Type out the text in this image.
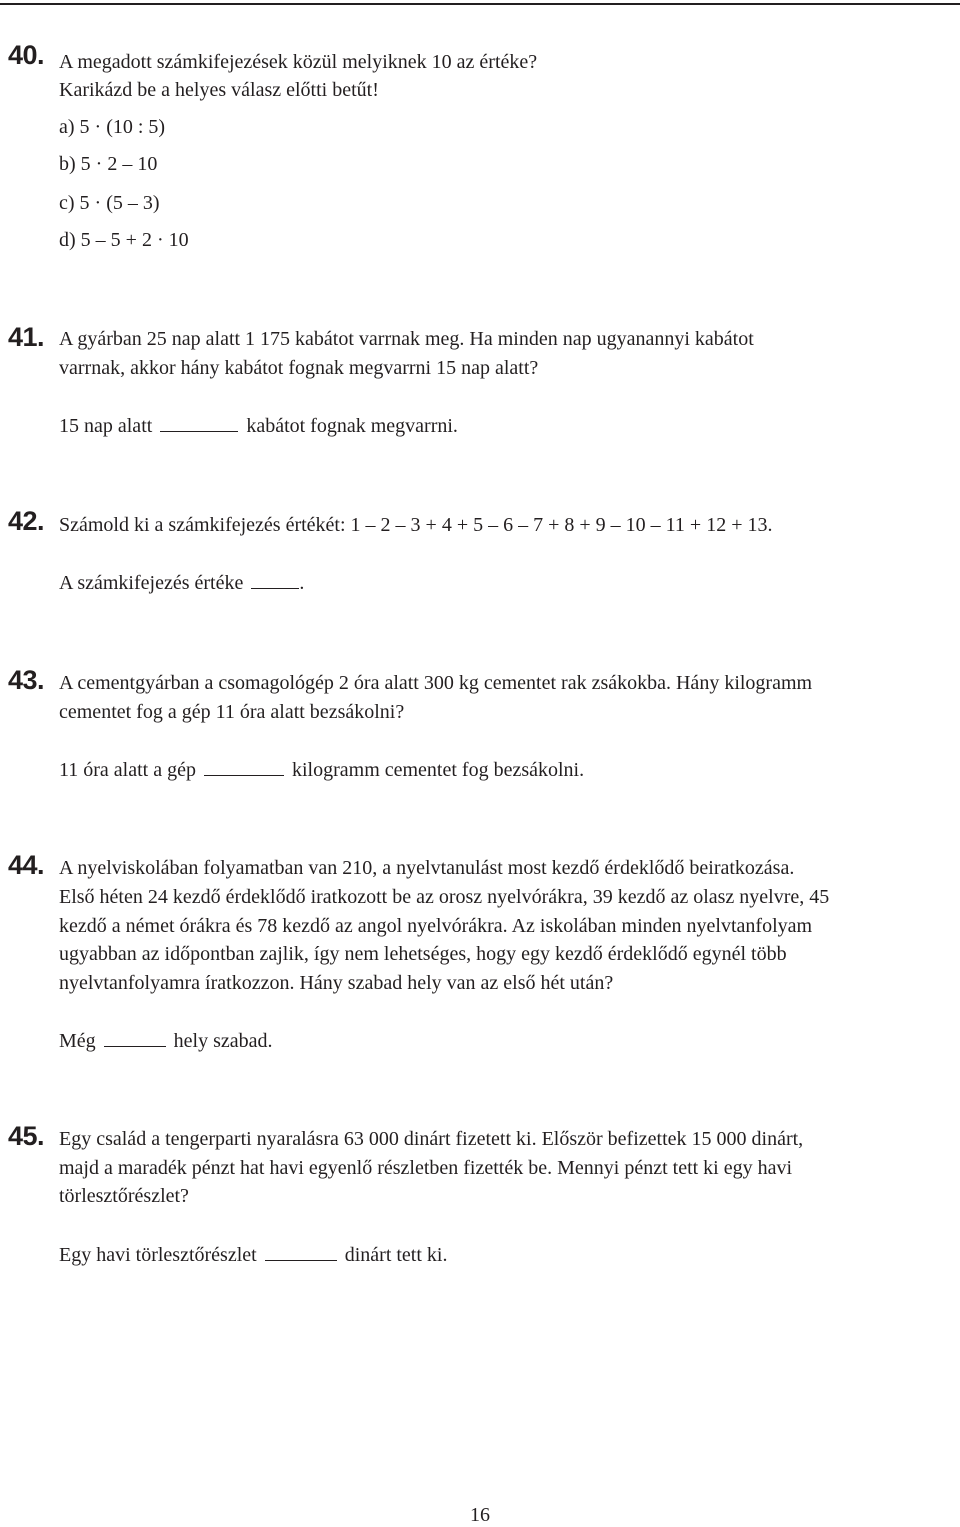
40. A megadott számkifejezések közül melyiknek 10 az értéke?
Karikázd be a helyes válasz előtti betűt!
a) 5 · (10 : 5)
b) 5 · 2 – 10
c) 5 · (5 – 3)
d) 5 – 5 + 2 · 10
41. A gyárban 25 nap alatt 1 175 kabátot varrnak meg. Ha minden nap ugyanannyi kabátot
varrnak, akkor hány kabátot fognak megvarrni 15 nap alatt?
15 nap alatt	kabátot fognak megvarrni.
42. Számold ki a számkifejezés értékét: 1 – 2 – 3 + 4 + 5 – 6 – 7 + 8 + 9 – 10 – 11 + 12 + 13.
A számkifejezés értéke	.
43. A cementgyárban a csomagológép 2 óra alatt 300 kg cementet rak zsákokba. Hány kilogramm
cementet fog a gép 11 óra alatt bezsákolni?
11 óra alatt a gép	kilogramm cementet fog bezsákolni.
44. A nyelviskolában folyamatban van 210, a nyelvtanulást most kezdő érdeklődő beiratkozása.
Első héten 24 kezdő érdeklődő iratkozott be az orosz nyelvórákra, 39 kezdő az olasz nyelvre, 45
kezdő a német órákra és 78 kezdő az angol nyelvórákra. Az iskolában minden nyelvtanfolyam
ugyabban az időpontban zajlik, így nem lehetséges, hogy egy kezdő érdeklődő egynél több
nyelvtanfolyamra íratkozzon. Hány szabad hely van az első hét után?
Még	hely szabad.
45. Egy család a tengerparti nyaralásra 63 000 dinárt fizetett ki. Először befizettek 15 000 dinárt,
majd a maradék pénzt hat havi egyenlő részletben fizették be. Mennyi pénzt tett ki egy havi
törlesztőrészlet?
Egy havi törlesztőrészlet	dinárt tett ki.
16
